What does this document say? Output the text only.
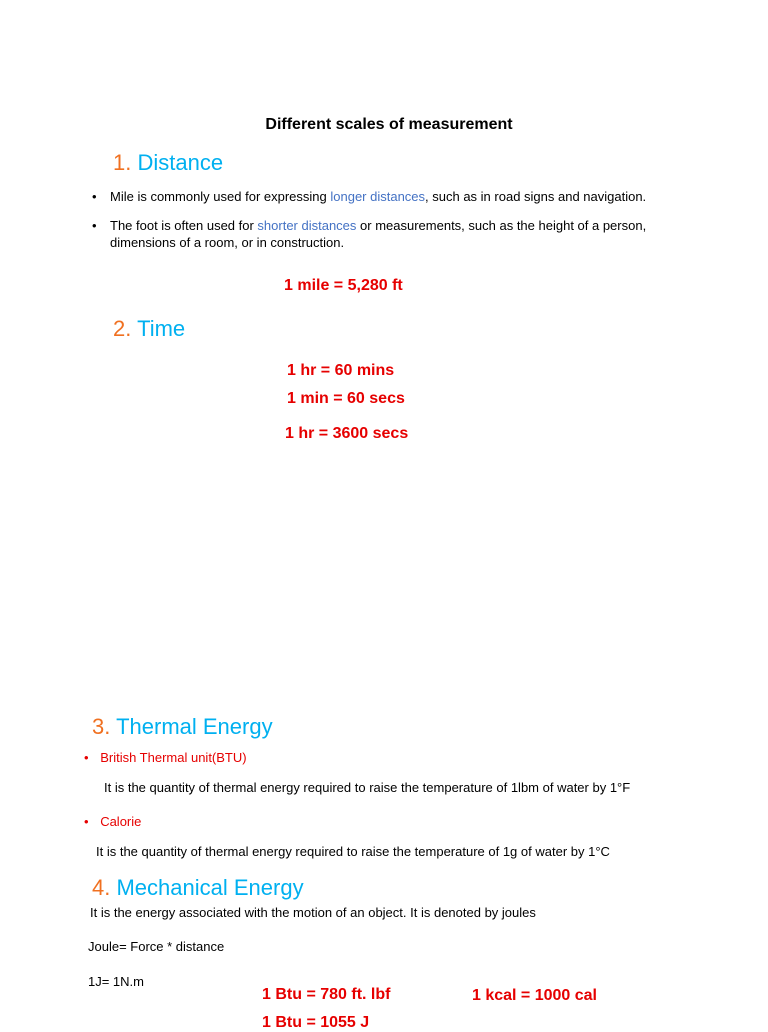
Different scales of measurement
1. Distance
• Mile is commonly used for expressing longer distances, such as in road signs and navigation.
• The foot is often used for shorter distances or measurements, such as the height of a person,
dimensions of a room, or in construction.
1 mile = 5,280 ft
2. Time
1 hr = 60 mins
1 min = 60 secs
1 hr = 3600 secs
3. Thermal Energy
• British Thermal unit(BTU)
It is the quantity of thermal energy required to raise the temperature of 1lbm of water by 1°F
• Calorie
It is the quantity of thermal energy required to raise the temperature of 1g of water by 1°C
4. Mechanical Energy
It is the energy associated with the motion of an object. It is denoted by joules
Joule= Force * distance
1J= 1N.m
1 Btu = 780 ft. lbf	1 kcal = 1000 cal
1 Btu = 1055 J
